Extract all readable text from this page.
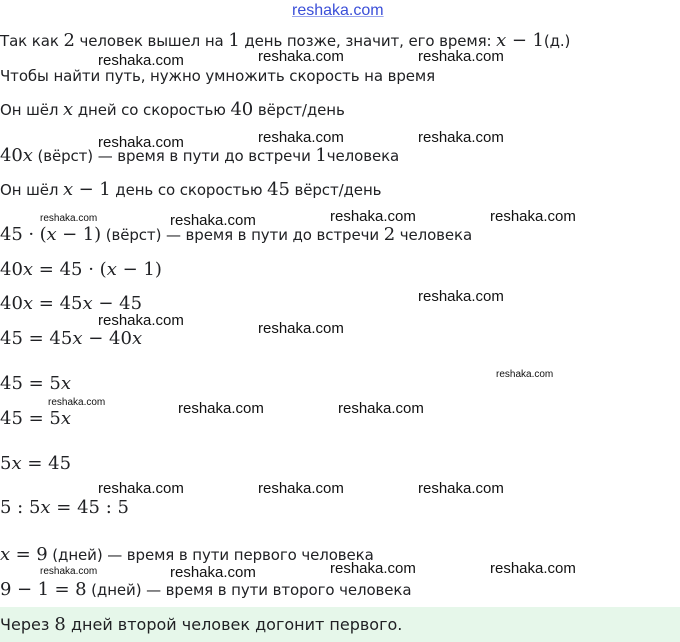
reshaka.com
Так как 2 человек вышел на 1 день позже, значит, его время: x − 1(д.)
Чтобы найти путь, нужно умножить скорость на время
Он шёл x дней со скоростью 40 вёрст/день
40x (вёрст) — время в пути до встречи 1человека
Он шёл x − 1 день со скоростью 45 вёрст/день
45 · (x − 1) (вёрст) — время в пути до встречи 2 человека
40x = 45 · (x − 1)
40x = 45x − 45
45 = 45x − 40x
45 = 5x
45 = 5x
5x = 45
5 : 5x = 45 : 5
x = 9 (дней) — время в пути первого человека
9 − 1 = 8 (дней) — время в пути второго человека
Через 8 дней второй человек догонит первого.
reshaka.com	reshaka.com	reshaka.com
reshaka.com	reshaka.com	reshaka.com
reshaka.com	reshaka.com	reshaka.com	reshaka.com
reshaka.com
reshaka.com	reshaka.com
reshaka.com
reshaka.com	reshaka.com	reshaka.com
reshaka.com	reshaka.com	reshaka.com
reshaka.com	reshaka.com	reshaka.com	reshaka.com
